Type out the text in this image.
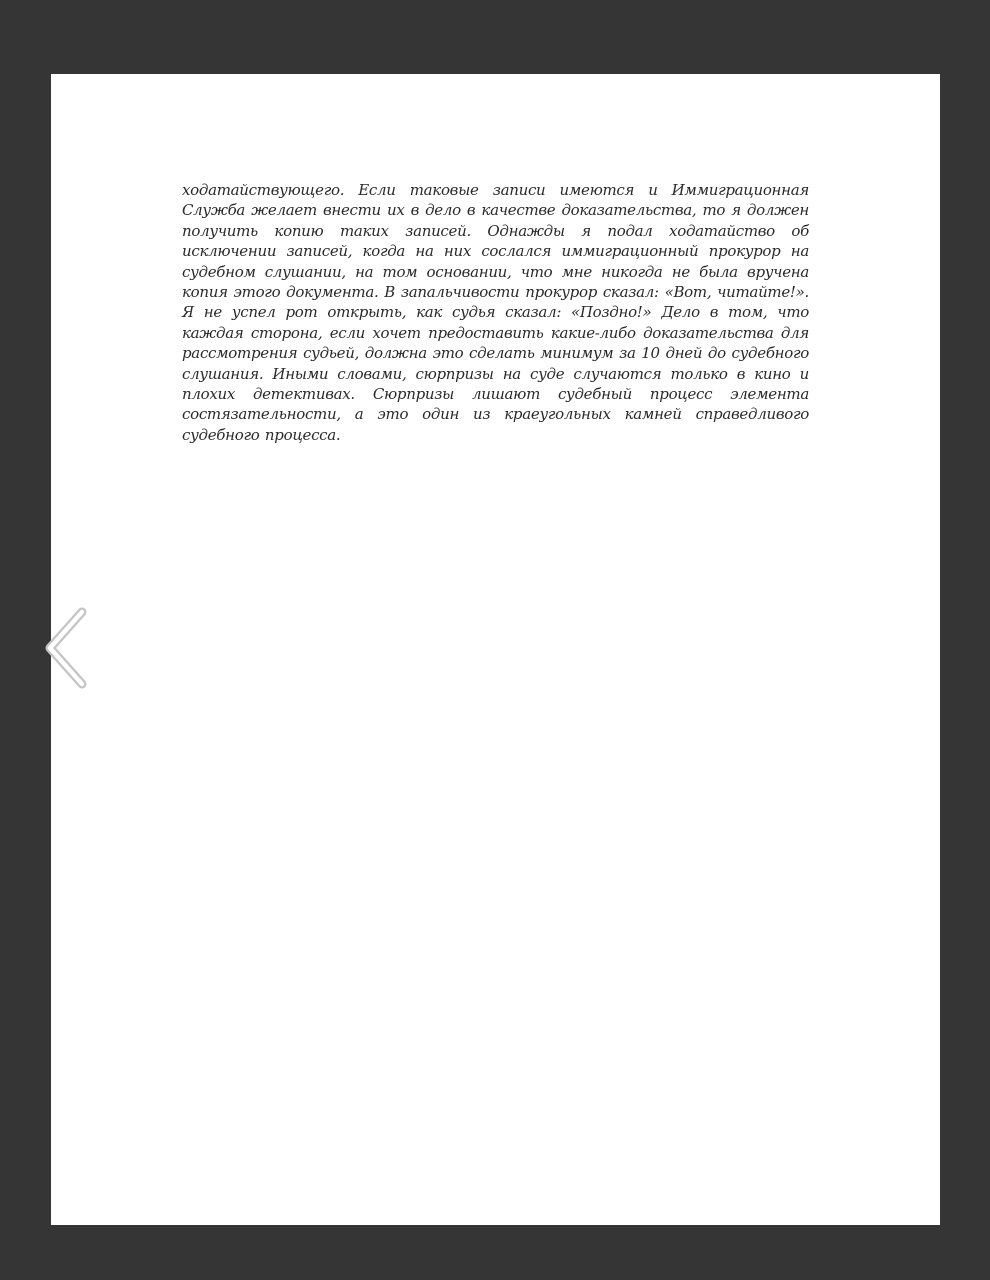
ходатайствующего. Если таковые записи имеются и Иммиграционная Служба желает внести их в дело в качестве доказательства, то я должен получить копию таких записей. Однажды я подал ходатайство об исключении записей, когда на них сослался иммиграционный прокурор на судебном слушании, на том основании, что мне никогда не была вручена копия этого документа. В запальчивости прокурор сказал: «Вот, читайте!». Я не успел рот открыть, как судья сказал: «Поздно!» Дело в том, что каждая сторона, если хочет предоставить какие-либо доказательства для рассмотрения судьей, должна это сделать минимум за 10 дней до судебного слушания. Иными словами, сюрпризы на суде случаются только в кино и плохих детективах. Сюрпризы лишают судебный процесс элемента состязательности, а это один из краеугольных камней справедливого судебного процесса.
